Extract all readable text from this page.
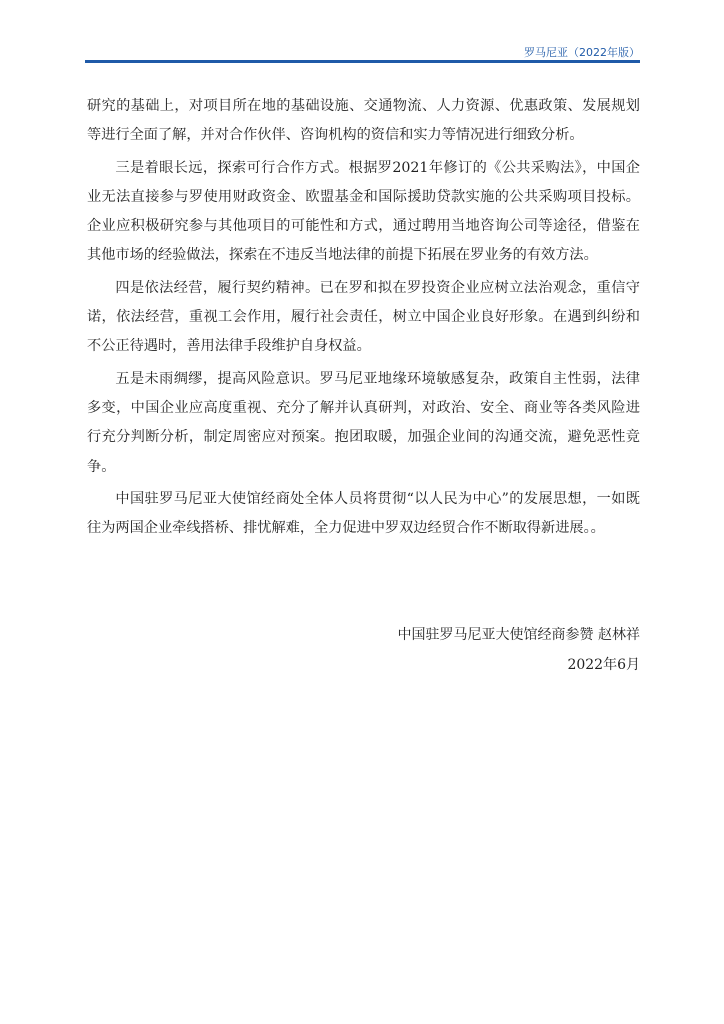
罗马尼亚（2022年版）

研究的基础上，对项目所在地的基础设施、交通物流、人力资源、优惠政策、发展规划等进行全面了解，并对合作伙伴、咨询机构的资信和实力等情况进行细致分析。

三是着眼长远，探索可行合作方式。根据罗2021年修订的《公共采购法》，中国企业无法直接参与罗使用财政资金、欧盟基金和国际援助贷款实施的公共采购项目投标。企业应积极研究参与其他项目的可能性和方式，通过聘用当地咨询公司等途径，借鉴在其他市场的经验做法，探索在不违反当地法律的前提下拓展在罗业务的有效方法。

四是依法经营，履行契约精神。已在罗和拟在罗投资企业应树立法治观念，重信守诺，依法经营，重视工会作用，履行社会责任，树立中国企业良好形象。在遇到纠纷和不公正待遇时，善用法律手段维护自身权益。

五是未雨绸缪，提高风险意识。罗马尼亚地缘环境敏感复杂，政策自主性弱，法律多变，中国企业应高度重视、充分了解并认真研判，对政治、安全、商业等各类风险进行充分判断分析，制定周密应对预案。抱团取暖，加强企业间的沟通交流，避免恶性竞争。

中国驻罗马尼亚大使馆经商处全体人员将贯彻“以人民为中心”的发展思想，一如既往为两国企业牵线搭桥、排忧解难，全力促进中罗双边经贸合作不断取得新进展。。

中国驻罗马尼亚大使馆经商参赞 赵林祥
2022年6月
